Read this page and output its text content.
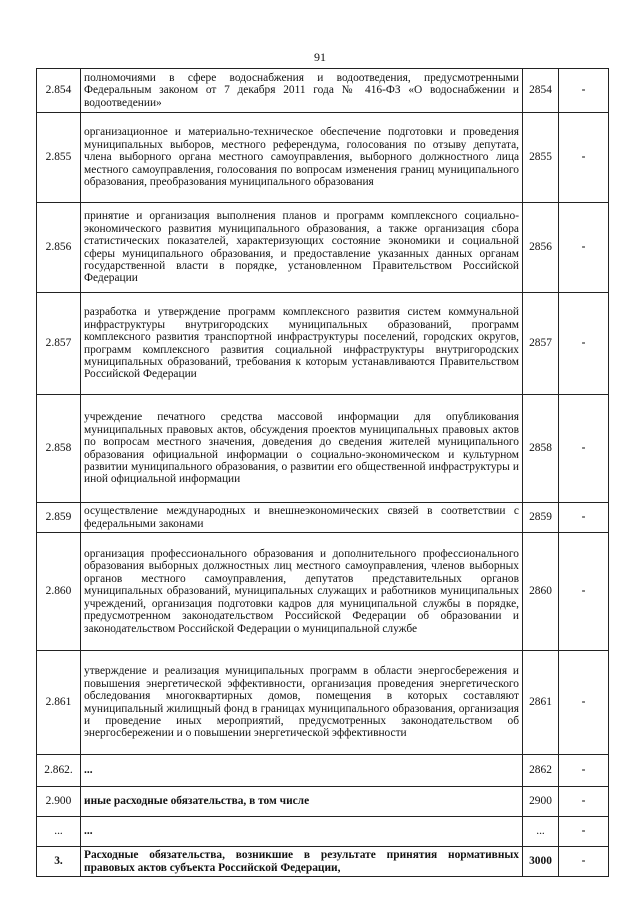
91
2.854	полномочиями в сфере водоснабжения и водоотведения, предусмотренными Федеральным законом от 7 декабря 2011 года № 416-ФЗ «О водоснабжении и водоотведении»	2854	-
2.855	организационное и материально-техническое обеспечение подготовки и проведения муниципальных выборов, местного референдума, голосования по отзыву депутата, члена выборного органа местного самоуправления, выборного должностного лица местного самоуправления, голосования по вопросам изменения границ муниципального образования, преобразования муниципального образования	2855	-
2.856	принятие и организация выполнения планов и программ комплексного социально-экономического развития муниципального образования, а также организация сбора статистических показателей, характеризующих состояние экономики и социальной сферы муниципального образования, и предоставление указанных данных органам государственной власти в порядке, установленном Правительством Российской Федерации	2856	-
2.857	разработка и утверждение программ комплексного развития систем коммунальной инфраструктуры внутригородских муниципальных образований, программ комплексного развития транспортной инфраструктуры поселений, городских округов, программ комплексного развития социальной инфраструктуры внутригородских муниципальных образований, требования к которым устанавливаются Правительством Российской Федерации	2857	-
2.858	учреждение печатного средства массовой информации для опубликования муниципальных правовых актов, обсуждения проектов муниципальных правовых актов по вопросам местного значения, доведения до сведения жителей муниципального образования официальной информации о социально-экономическом и культурном развитии муниципального образования, о развитии его общественной инфраструктуры и иной официальной информации	2858	-
2.859	осуществление международных и внешнеэкономических связей в соответствии с федеральными законами	2859	-
2.860	организация профессионального образования и дополнительного профессионального образования выборных должностных лиц местного самоуправления, членов выборных органов местного самоуправления, депутатов представительных органов муниципальных образований, муниципальных служащих и работников муниципальных учреждений, организация подготовки кадров для муниципальной службы в порядке, предусмотренном законодательством Российской Федерации об образовании и законодательством Российской Федерации о муниципальной службе	2860	-
2.861	утверждение и реализация муниципальных программ в области энергосбережения и повышения энергетической эффективности, организация проведения энергетического обследования многоквартирных домов, помещения в которых составляют муниципальный жилищный фонд в границах муниципального образования, организация и проведение иных мероприятий, предусмотренных законодательством об энергосбережении и о повышении энергетической эффективности	2861	-
2.862.	...	2862	-
2.900	иные расходные обязательства, в том числе	2900	-
...	...	...	-
3.	Расходные обязательства, возникшие в результате принятия нормативных правовых актов субъекта Российской Федерации,	3000	-
